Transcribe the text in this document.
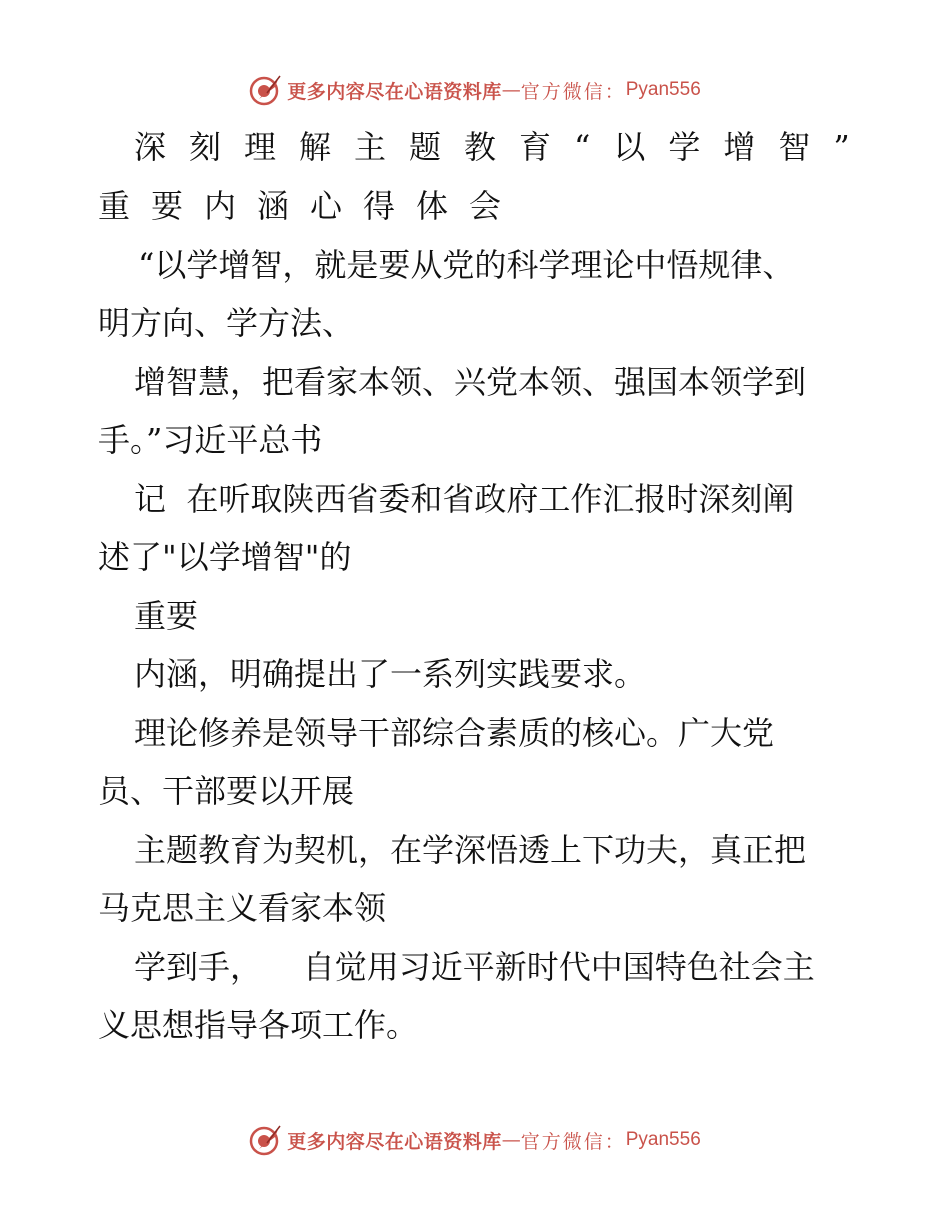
更多内容尽在心语资料库 — 官方微信： Pyan556
深刻理解主题教育“以学增智”
重要内涵心得体会
“以学增智，就是要从党的科学理论中悟规律、
明方向、学方法、
增智慧，把看家本领、兴党本领、强国本领学到
手。”习近平总书
记  在听取陕西省委和省政府工作汇报时深刻阐
述了"以学增智"的
重要
内涵，明确提出了一系列实践要求。
理论修养是领导干部综合素质的核心。广大党
员、干部要以开展
主题教育为契机，在学深悟透上下功夫，真正把
马克思主义看家本领
学到手，    自觉用习近平新时代中国特色社会主
义思想指导各项工作。
更多内容尽在心语资料库 — 官方微信： Pyan556
